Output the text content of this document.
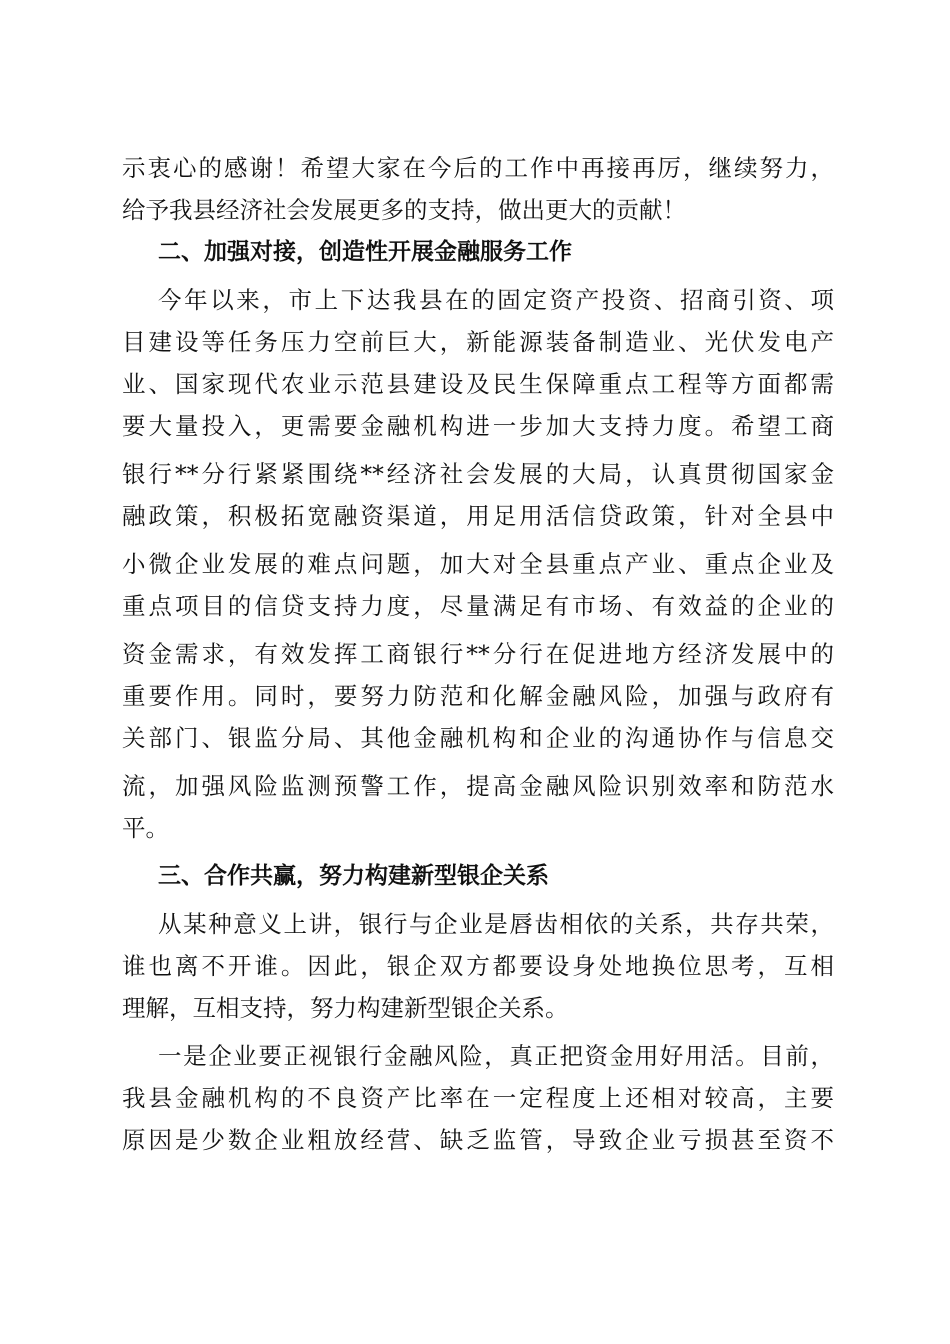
示衷心的感谢！希望大家在今后的工作中再接再厉，继续努力，
给予我县经济社会发展更多的支持，做出更大的贡献！
二、加强对接，创造性开展金融服务工作
今年以来，市上下达我县在的固定资产投资、招商引资、项
目建设等任务压力空前巨大，新能源装备制造业、光伏发电产
业、国家现代农业示范县建设及民生保障重点工程等方面都需
要大量投入，更需要金融机构进一步加大支持力度。希望工商
银行**分行紧紧围绕**经济社会发展的大局，认真贯彻国家金
融政策，积极拓宽融资渠道，用足用活信贷政策，针对全县中
小微企业发展的难点问题，加大对全县重点产业、重点企业及
重点项目的信贷支持力度，尽量满足有市场、有效益的企业的
资金需求，有效发挥工商银行**分行在促进地方经济发展中的
重要作用。同时，要努力防范和化解金融风险，加强与政府有
关部门、银监分局、其他金融机构和企业的沟通协作与信息交
流，加强风险监测预警工作，提高金融风险识别效率和防范水
平。
三、合作共赢，努力构建新型银企关系
从某种意义上讲，银行与企业是唇齿相依的关系，共存共荣，
谁也离不开谁。因此，银企双方都要设身处地换位思考，互相
理解，互相支持，努力构建新型银企关系。
一是企业要正视银行金融风险，真正把资金用好用活。目前，
我县金融机构的不良资产比率在一定程度上还相对较高，主要
原因是少数企业粗放经营、缺乏监管，导致企业亏损甚至资不
